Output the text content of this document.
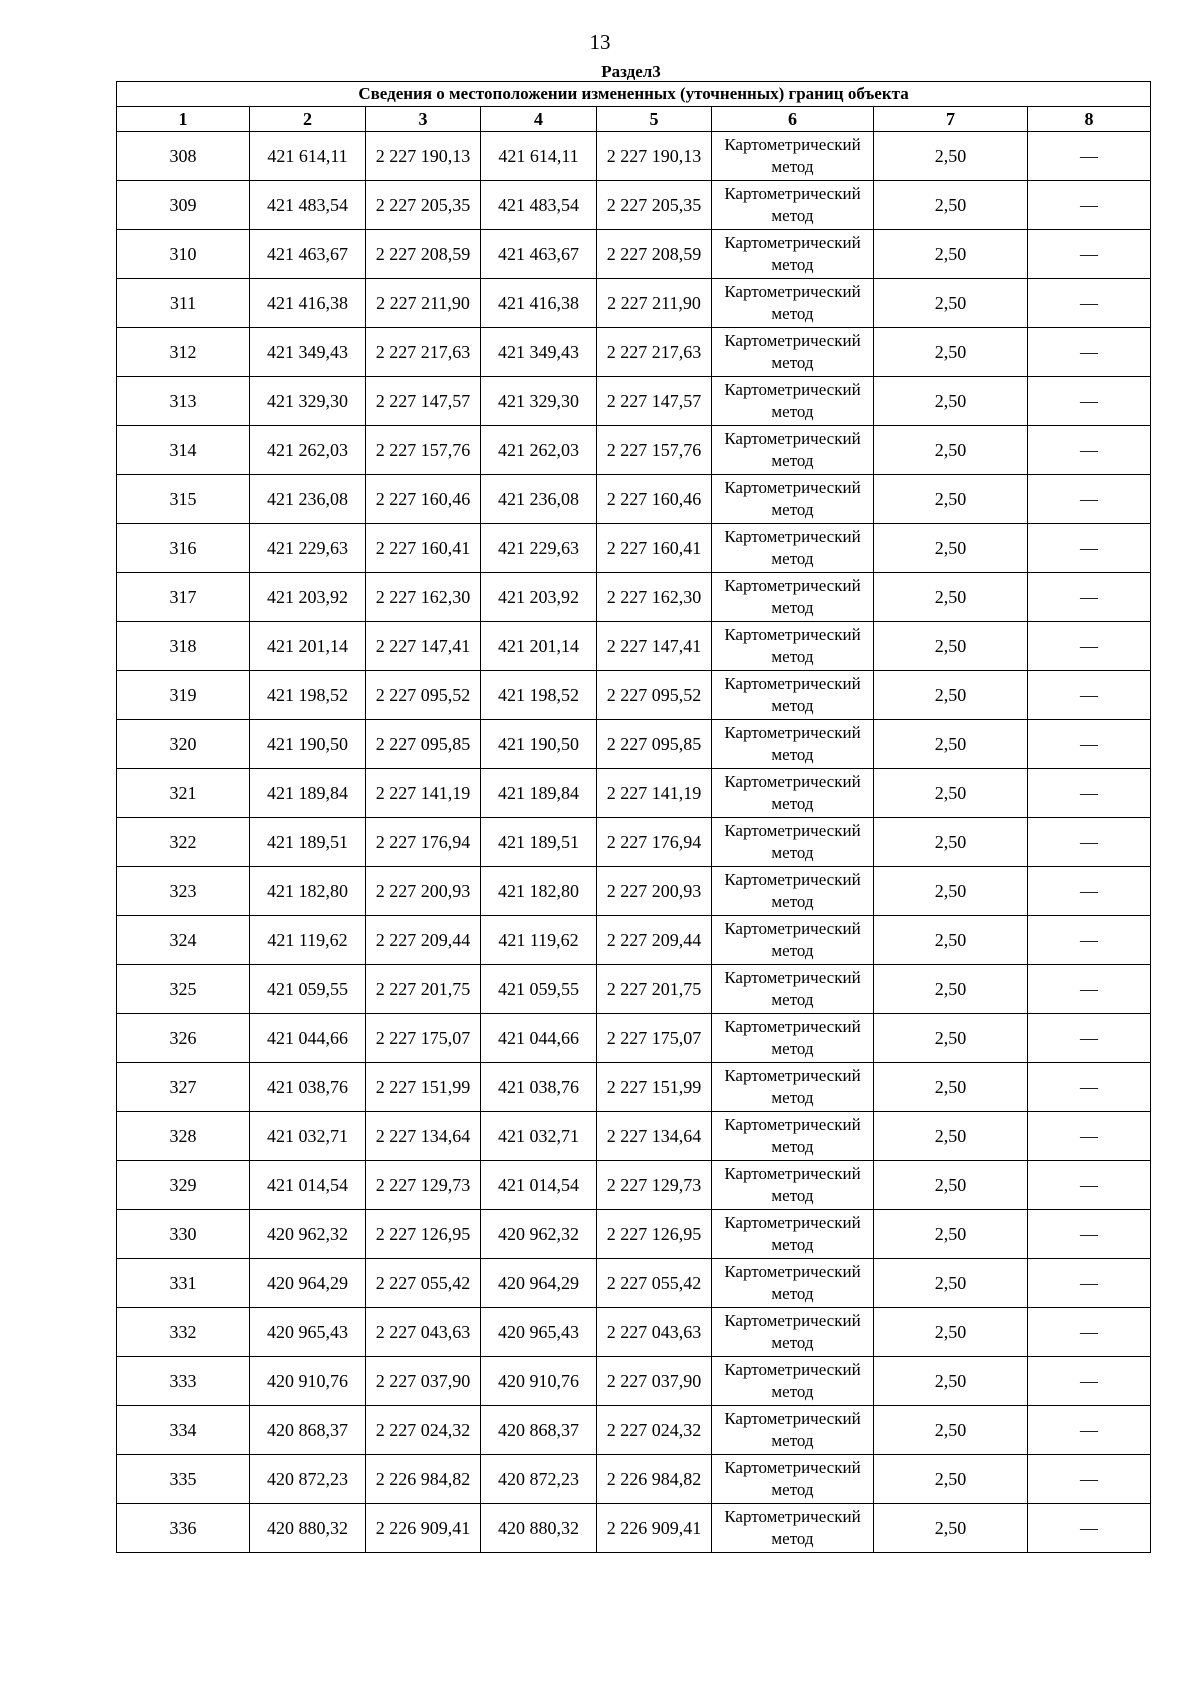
13
Раздел3
Сведения о местоположении измененных (уточненных) границ объекта							
1	2	3	4	5	6	7	8
308	421 614,11	2 227 190,13	421 614,11	2 227 190,13	Картометрический метод	2,50	—
309	421 483,54	2 227 205,35	421 483,54	2 227 205,35	Картометрический метод	2,50	—
310	421 463,67	2 227 208,59	421 463,67	2 227 208,59	Картометрический метод	2,50	—
311	421 416,38	2 227 211,90	421 416,38	2 227 211,90	Картометрический метод	2,50	—
312	421 349,43	2 227 217,63	421 349,43	2 227 217,63	Картометрический метод	2,50	—
313	421 329,30	2 227 147,57	421 329,30	2 227 147,57	Картометрический метод	2,50	—
314	421 262,03	2 227 157,76	421 262,03	2 227 157,76	Картометрический метод	2,50	—
315	421 236,08	2 227 160,46	421 236,08	2 227 160,46	Картометрический метод	2,50	—
316	421 229,63	2 227 160,41	421 229,63	2 227 160,41	Картометрический метод	2,50	—
317	421 203,92	2 227 162,30	421 203,92	2 227 162,30	Картометрический метод	2,50	—
318	421 201,14	2 227 147,41	421 201,14	2 227 147,41	Картометрический метод	2,50	—
319	421 198,52	2 227 095,52	421 198,52	2 227 095,52	Картометрический метод	2,50	—
320	421 190,50	2 227 095,85	421 190,50	2 227 095,85	Картометрический метод	2,50	—
321	421 189,84	2 227 141,19	421 189,84	2 227 141,19	Картометрический метод	2,50	—
322	421 189,51	2 227 176,94	421 189,51	2 227 176,94	Картометрический метод	2,50	—
323	421 182,80	2 227 200,93	421 182,80	2 227 200,93	Картометрический метод	2,50	—
324	421 119,62	2 227 209,44	421 119,62	2 227 209,44	Картометрический метод	2,50	—
325	421 059,55	2 227 201,75	421 059,55	2 227 201,75	Картометрический метод	2,50	—
326	421 044,66	2 227 175,07	421 044,66	2 227 175,07	Картометрический метод	2,50	—
327	421 038,76	2 227 151,99	421 038,76	2 227 151,99	Картометрический метод	2,50	—
328	421 032,71	2 227 134,64	421 032,71	2 227 134,64	Картометрический метод	2,50	—
329	421 014,54	2 227 129,73	421 014,54	2 227 129,73	Картометрический метод	2,50	—
330	420 962,32	2 227 126,95	420 962,32	2 227 126,95	Картометрический метод	2,50	—
331	420 964,29	2 227 055,42	420 964,29	2 227 055,42	Картометрический метод	2,50	—
332	420 965,43	2 227 043,63	420 965,43	2 227 043,63	Картометрический метод	2,50	—
333	420 910,76	2 227 037,90	420 910,76	2 227 037,90	Картометрический метод	2,50	—
334	420 868,37	2 227 024,32	420 868,37	2 227 024,32	Картометрический метод	2,50	—
335	420 872,23	2 226 984,82	420 872,23	2 226 984,82	Картометрический метод	2,50	—
336	420 880,32	2 226 909,41	420 880,32	2 226 909,41	Картометрический метод	2,50	—
